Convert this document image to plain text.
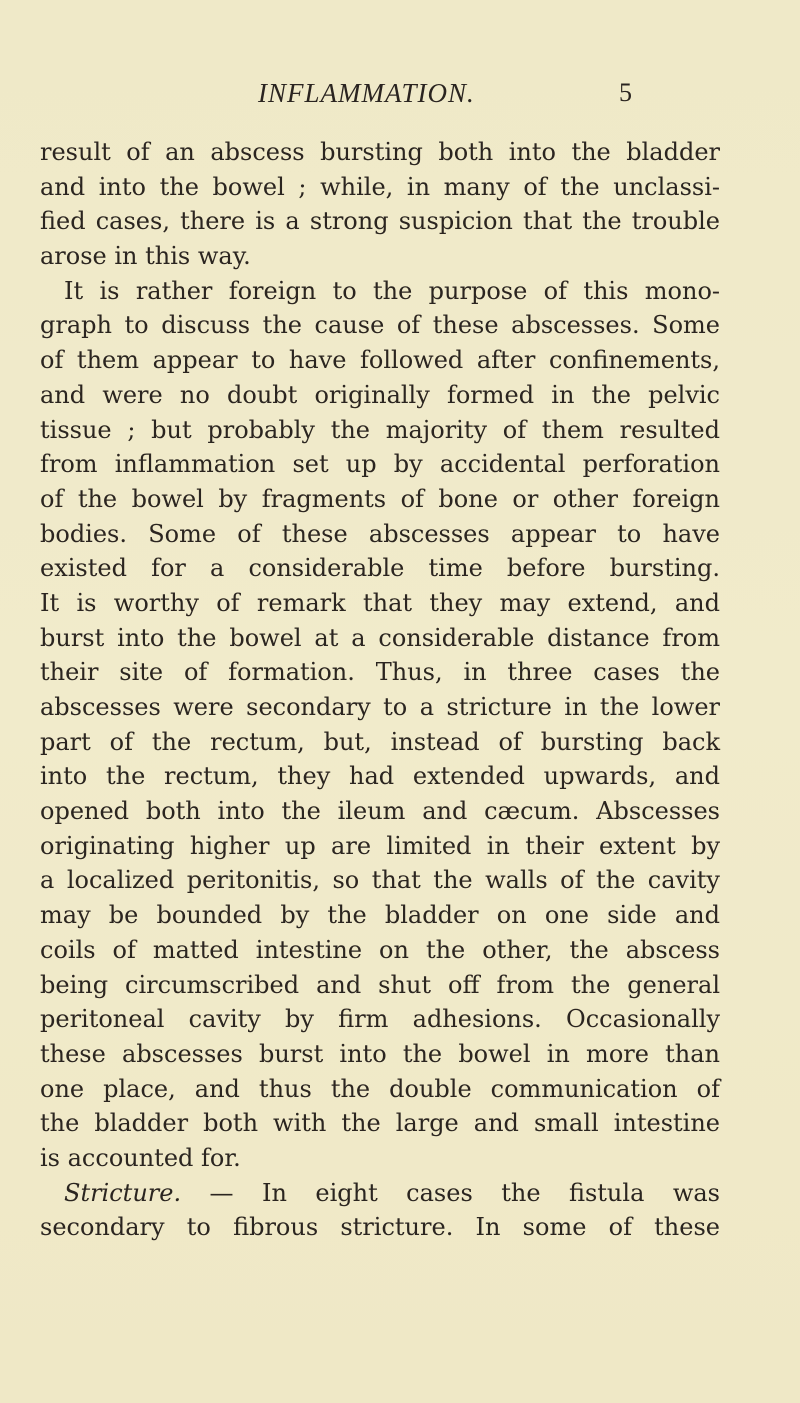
INFLAMMATION.	5
result of an abscess bursting both into the bladder
and into the bowel ; while, in many of the unclassi-
fied cases, there is a strong suspicion that the trouble
arose in this way.
It is rather foreign to the purpose of this mono-
graph to discuss the cause of these abscesses. Some
of them appear to have followed after confinements,
and were no doubt originally formed in the pelvic
tissue ; but probably the majority of them resulted
from inflammation set up by accidental perforation
of the bowel by fragments of bone or other foreign
bodies. Some of these abscesses appear to have
existed for a considerable time before bursting.
It is worthy of remark that they may extend, and
burst into the bowel at a considerable distance from
their site of formation. Thus, in three cases the
abscesses were secondary to a stricture in the lower
part of the rectum, but, instead of bursting back
into the rectum, they had extended upwards, and
opened both into the ileum and cæcum. Abscesses
originating higher up are limited in their extent by
a localized peritonitis, so that the walls of the cavity
may be bounded by the bladder on one side and
coils of matted intestine on the other, the abscess
being circumscribed and shut off from the general
peritoneal cavity by firm adhesions. Occasionally
these abscesses burst into the bowel in more than
one place, and thus the double communication of
the bladder both with the large and small intestine
is accounted for.
Stricture. — In eight cases the fistula was
secondary to fibrous stricture. In some of these
